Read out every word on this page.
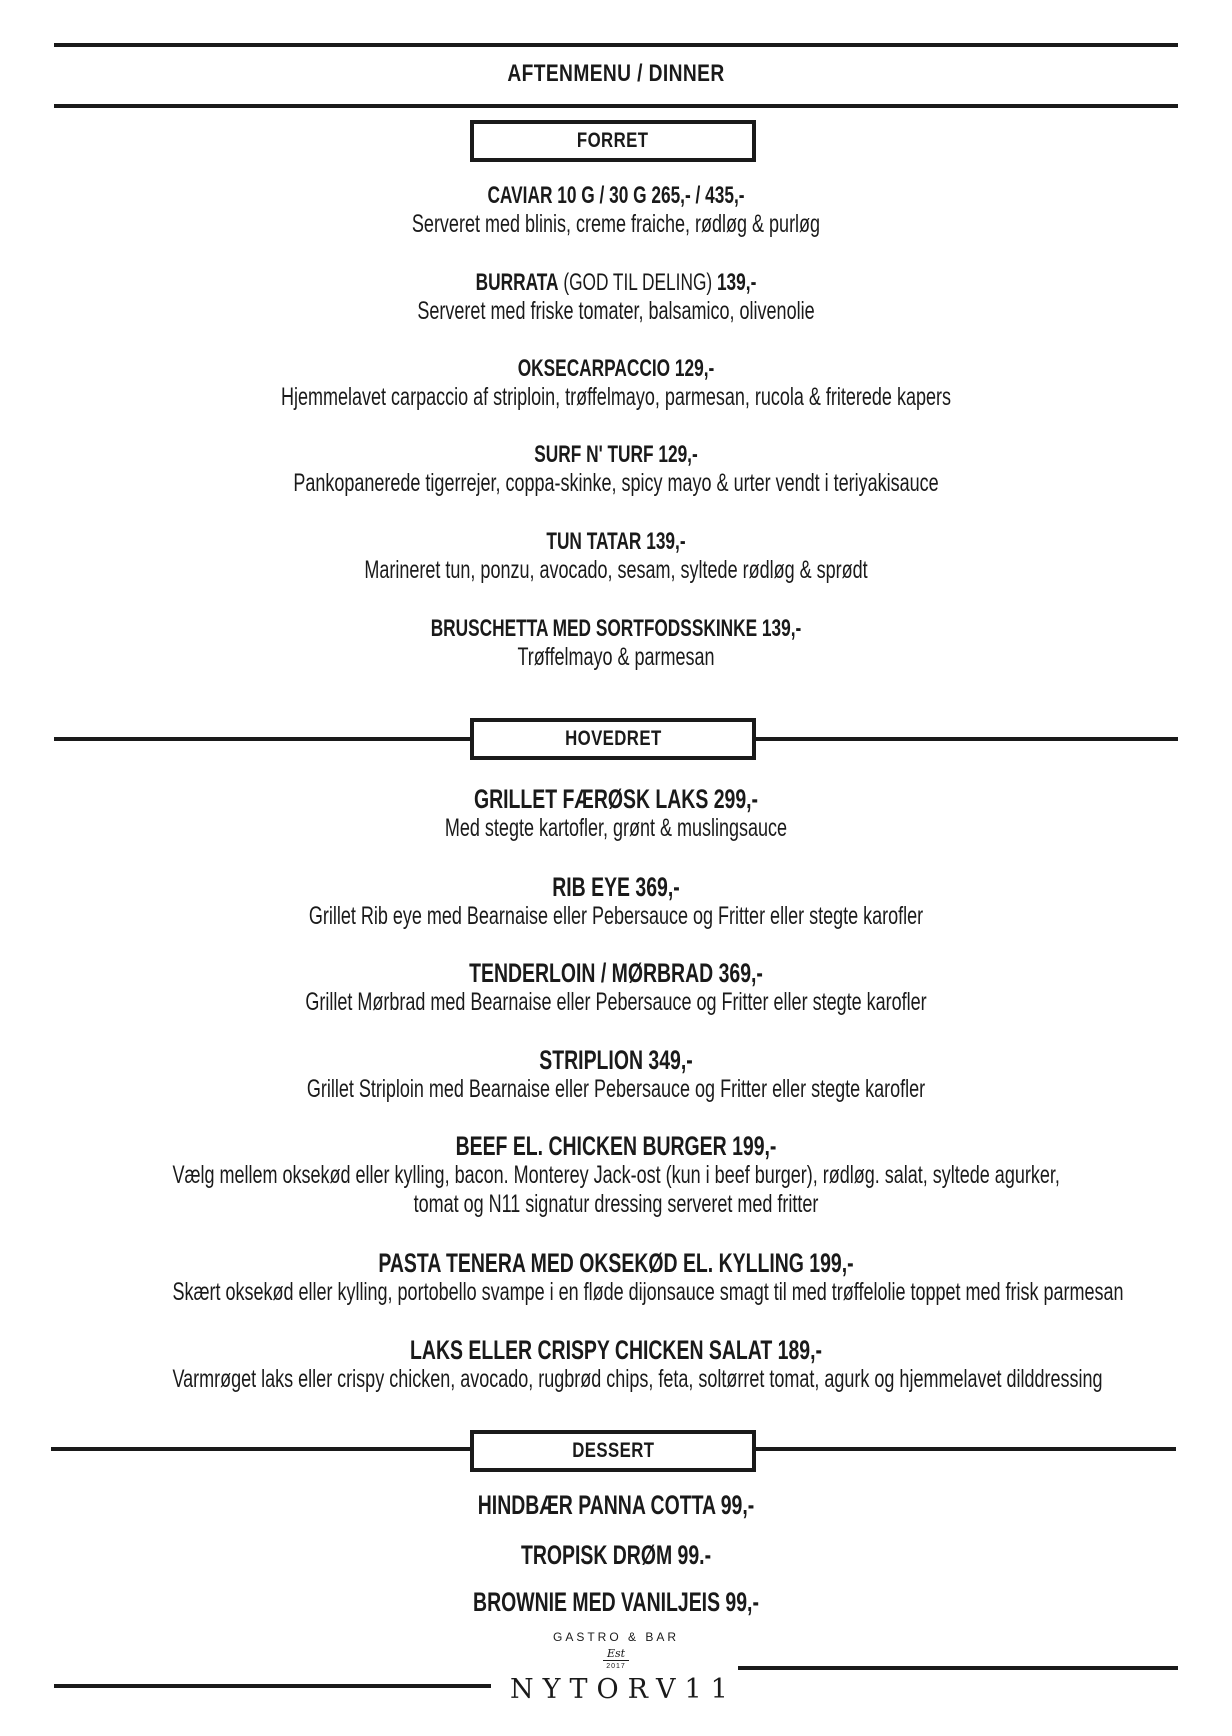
AFTENMENU / DINNER
FORRET
CAVIAR 10 G / 30 G 265,- / 435,-
Serveret med blinis, creme fraiche, rødløg & purløg
BURRATA (GOD TIL DELING) 139,-
Serveret med friske tomater, balsamico, olivenolie
OKSECARPACCIO 129,-
Hjemmelavet carpaccio af striploin, trøffelmayo, parmesan, rucola & friterede kapers
SURF N' TURF 129,-
Pankopanerede tigerrejer, coppa-skinke, spicy mayo & urter vendt i teriyakisauce
TUN TATAR 139,-
Marineret tun, ponzu, avocado, sesam, syltede rødløg & sprødt
BRUSCHETTA MED SORTFODSSKINKE 139,-
Trøffelmayo & parmesan
HOVEDRET
GRILLET FÆRØSK LAKS 299,-
Med stegte kartofler, grønt & muslingsauce
RIB EYE 369,-
Grillet Rib eye med Bearnaise eller Pebersauce og Fritter eller stegte karofler
TENDERLOIN / MØRBRAD 369,-
Grillet Mørbrad med Bearnaise eller Pebersauce og Fritter eller stegte karofler
STRIPLION 349,-
Grillet Striploin med Bearnaise eller Pebersauce og Fritter eller stegte karofler
BEEF EL. CHICKEN BURGER 199,-
Vælg mellem oksekød eller kylling, bacon. Monterey Jack-ost (kun i beef burger), rødløg. salat, syltede agurker,
tomat og N11 signatur dressing serveret med fritter
PASTA TENERA MED OKSEKØD EL. KYLLING 199,-
Skært oksekød eller kylling, portobello svampe i en fløde dijonsauce smagt til med trøffelolie toppet med frisk parmesan
LAKS ELLER CRISPY CHICKEN SALAT 189,-
Varmrøget laks eller crispy chicken, avocado, rugbrød chips, feta, soltørret tomat, agurk og hjemmelavet dilddressing
DESSERT
HINDBÆR PANNA COTTA 99,-
TROPISK DRØM 99.-
BROWNIE MED VANILJEIS 99,-
GASTRO & BAR
Est
2017
NYTORV11
